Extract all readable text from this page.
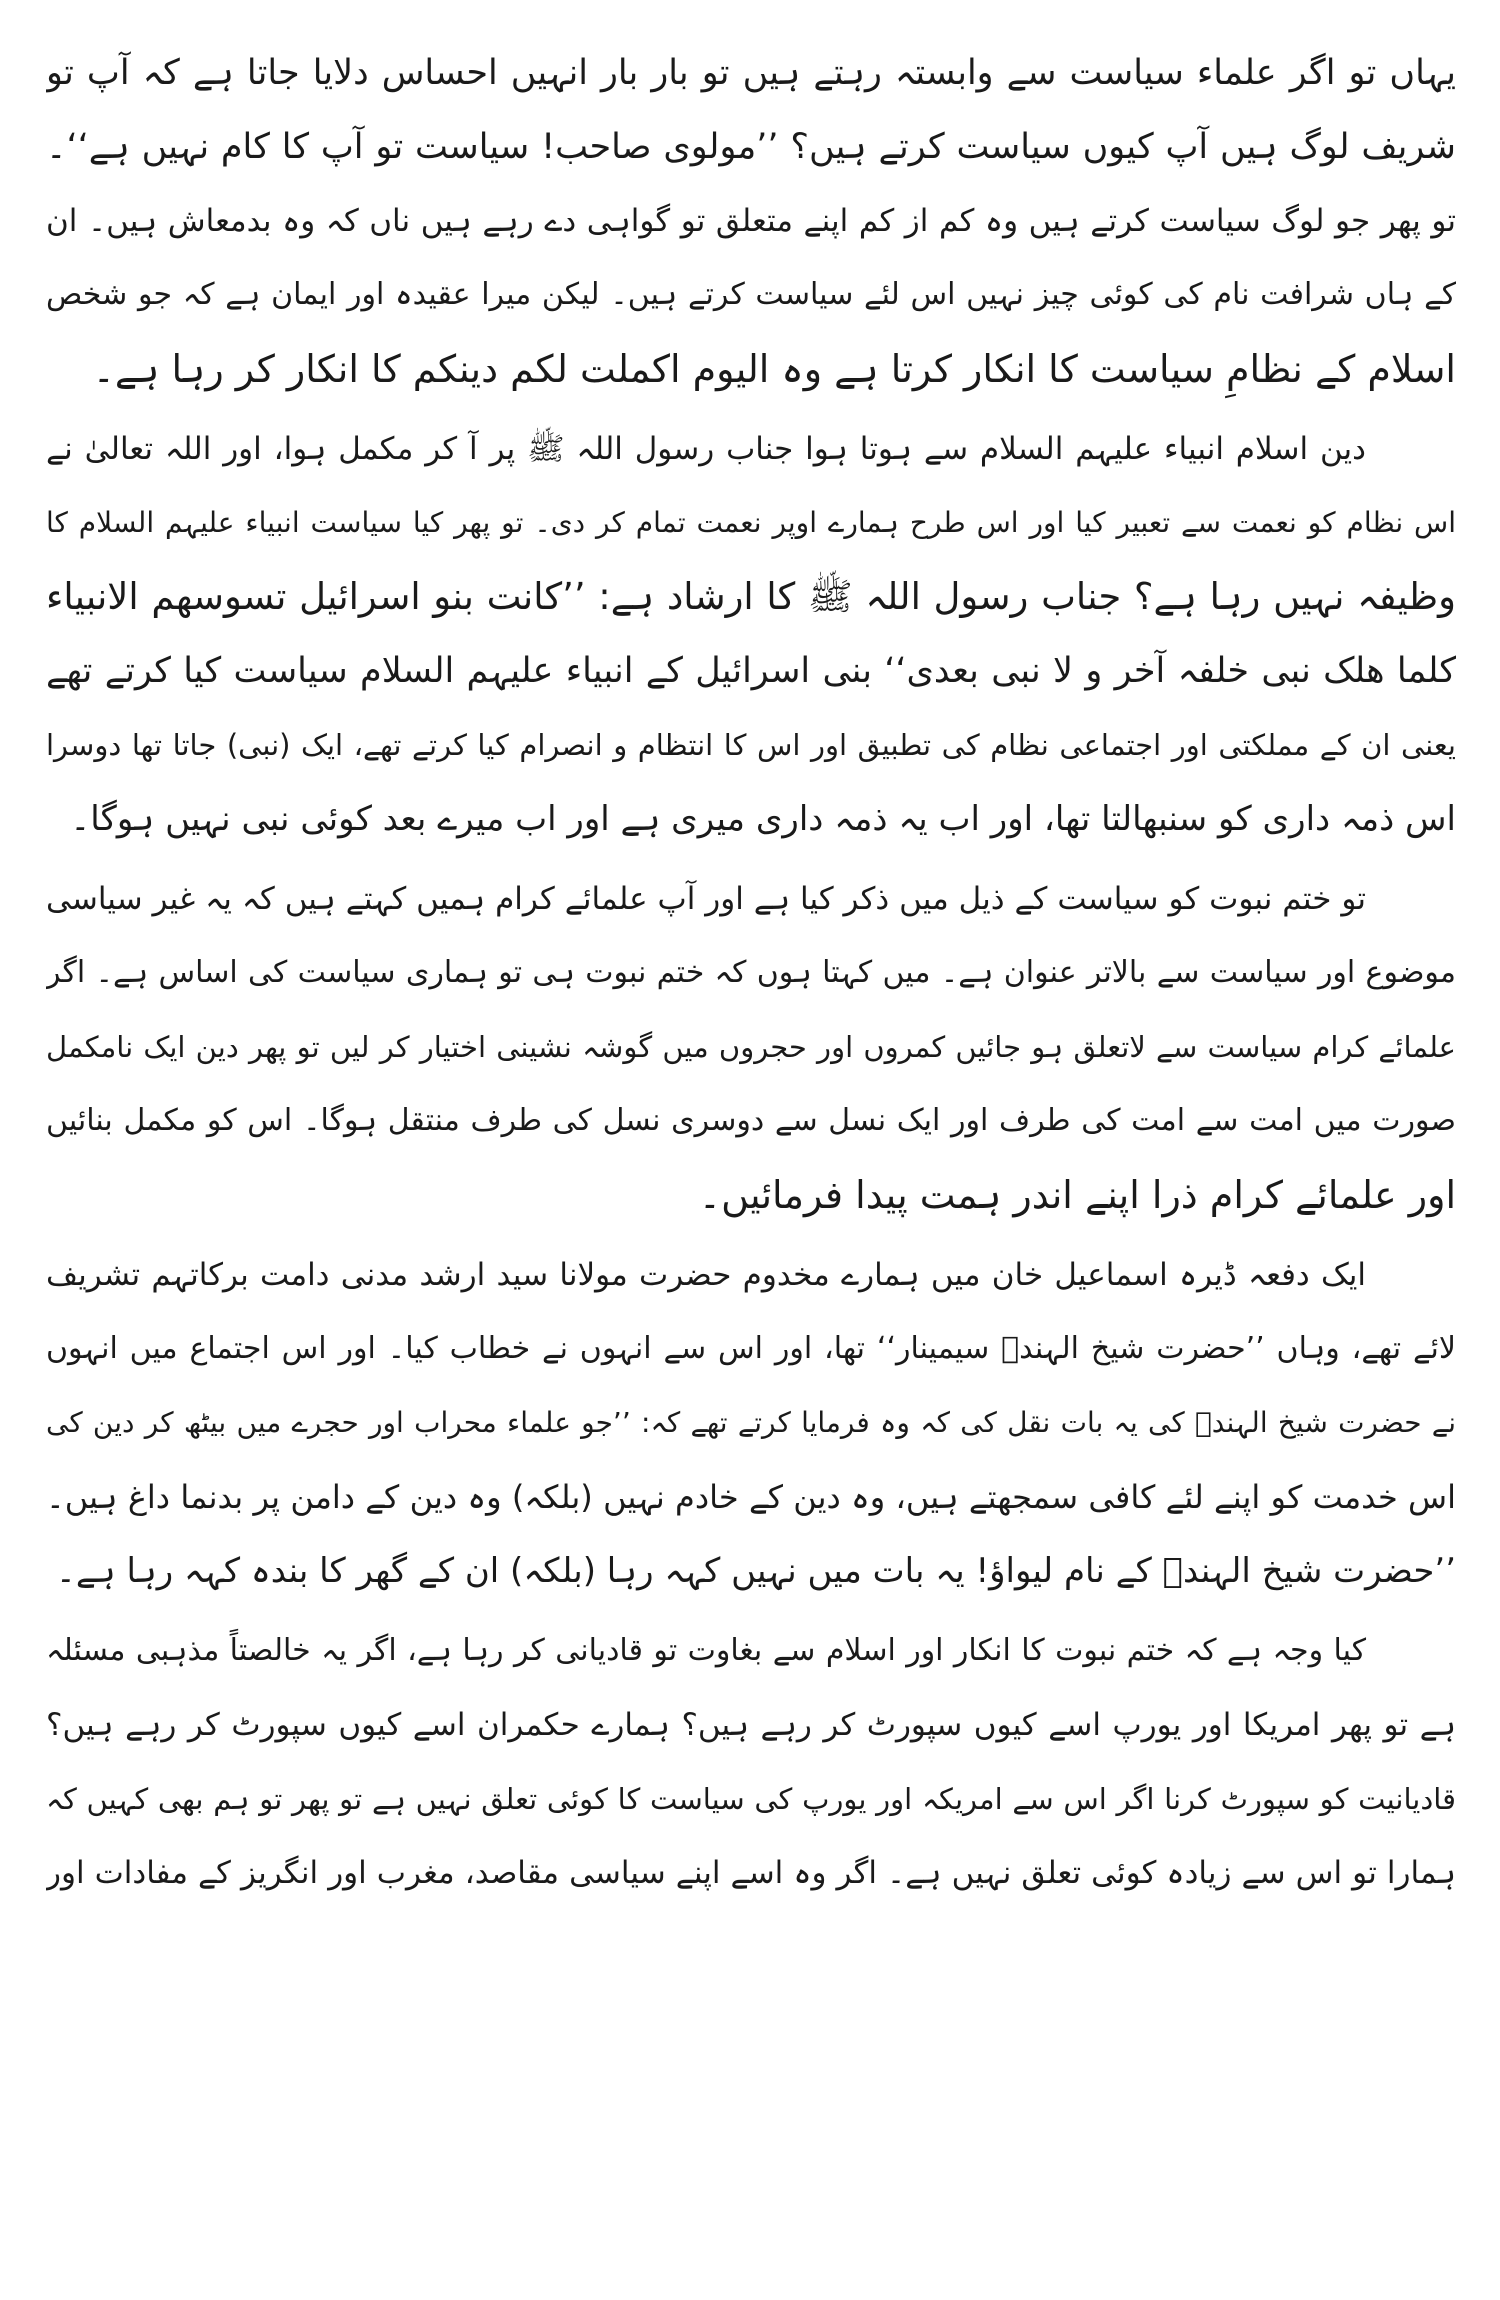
یہاں تو اگر علماء سیاست سے وابستہ رہتے ہیں تو بار بار انہیں احساس دلایا جاتا ہے کہ آپ تو
شریف لوگ ہیں آپ کیوں سیاست کرتے ہیں؟ ’’مولوی صاحب! سیاست تو آپ کا کام نہیں ہے‘‘۔
تو پھر جو لوگ سیاست کرتے ہیں وہ کم از کم اپنے متعلق تو گواہی دے رہے ہیں ناں کہ وہ بدمعاش ہیں۔ ان
کے ہاں شرافت نام کی کوئی چیز نہیں اس لئے سیاست کرتے ہیں۔ لیکن میرا عقیدہ اور ایمان ہے کہ جو شخص
اسلام کے نظامِ سیاست کا انکار کرتا ہے وہ الیوم اکملت لکم دینکم کا انکار کر رہا ہے۔
دین اسلام انبیاء علیہم السلام سے ہوتا ہوا جناب رسول اللہ ﷺ پر آ کر مکمل ہوا، اور اللہ تعالیٰ نے
اس نظام کو نعمت سے تعبیر کیا اور اس طرح ہمارے اوپر نعمت تمام کر دی۔ تو پھر کیا سیاست انبیاء علیہم السلام کا
وظیفہ نہیں رہا ہے؟ جناب رسول اللہ ﷺ کا ارشاد ہے: ’’کانت بنو اسرائیل تسوسھم الانبیاء
کلما ھلک نبی خلفہ آخر و لا نبی بعدی‘‘ بنی اسرائیل کے انبیاء علیہم السلام سیاست کیا کرتے تھے
یعنی ان کے مملکتی اور اجتماعی نظام کی تطبیق اور اس کا انتظام و انصرام کیا کرتے تھے، ایک (نبی) جاتا تھا دوسرا
اس ذمہ داری کو سنبھالتا تھا، اور اب یہ ذمہ داری میری ہے اور اب میرے بعد کوئی نبی نہیں ہوگا۔
تو ختم نبوت کو سیاست کے ذیل میں ذکر کیا ہے اور آپ علمائے کرام ہمیں کہتے ہیں کہ یہ غیر سیاسی
موضوع اور سیاست سے بالاتر عنوان ہے۔ میں کہتا ہوں کہ ختم نبوت ہی تو ہماری سیاست کی اساس ہے۔ اگر
علمائے کرام سیاست سے لاتعلق ہو جائیں کمروں اور حجروں میں گوشہ نشینی اختیار کر لیں تو پھر دین ایک نامکمل
صورت میں امت سے امت کی طرف اور ایک نسل سے دوسری نسل کی طرف منتقل ہوگا۔ اس کو مکمل بنائیں
اور علمائے کرام ذرا اپنے اندر ہمت پیدا فرمائیں۔
ایک دفعہ ڈیرہ اسماعیل خان میں ہمارے مخدوم حضرت مولانا سید ارشد مدنی دامت برکاتہم تشریف
لائے تھے، وہاں ’’حضرت شیخ الہندؒ سیمینار‘‘ تھا، اور اس سے انہوں نے خطاب کیا۔ اور اس اجتماع میں انہوں
نے حضرت شیخ الہندؒ کی یہ بات نقل کی کہ وہ فرمایا کرتے تھے کہ: ’’جو علماء محراب اور حجرے میں بیٹھ کر دین کی
اس خدمت کو اپنے لئے کافی سمجھتے ہیں، وہ دین کے خادم نہیں (بلکہ) وہ دین کے دامن پر بدنما داغ ہیں۔
’’حضرت شیخ الہندؒ کے نام لیواؤ! یہ بات میں نہیں کہہ رہا (بلکہ) ان کے گھر کا بندہ کہہ رہا ہے۔
کیا وجہ ہے کہ ختم نبوت کا انکار اور اسلام سے بغاوت تو قادیانی کر رہا ہے، اگر یہ خالصتاً مذہبی مسئلہ
ہے تو پھر امریکا اور یورپ اسے کیوں سپورٹ کر رہے ہیں؟ ہمارے حکمران اسے کیوں سپورٹ کر رہے ہیں؟
قادیانیت کو سپورٹ کرنا اگر اس سے امریکہ اور یورپ کی سیاست کا کوئی تعلق نہیں ہے تو پھر تو ہم بھی کہیں کہ
ہمارا تو اس سے زیادہ کوئی تعلق نہیں ہے۔ اگر وہ اسے اپنے سیاسی مقاصد، مغرب اور انگریز کے مفادات اور
